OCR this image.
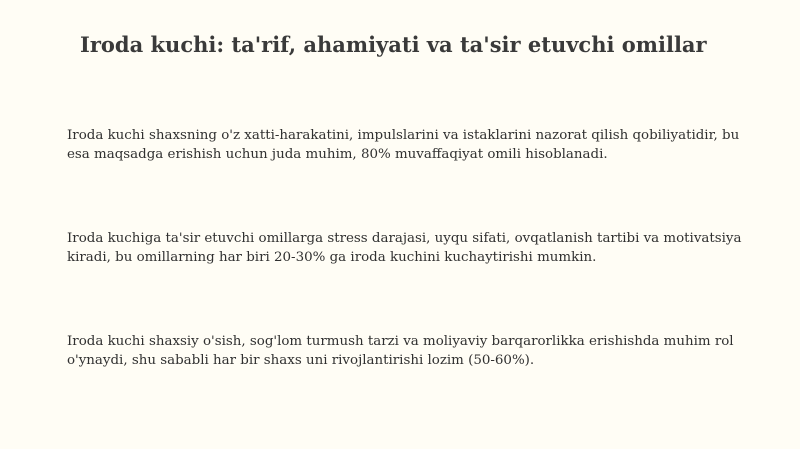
Iroda kuchi: ta'rif, ahamiyati va ta'sir etuvchi omillar

Iroda kuchi shaxsning o'z xatti-harakatini, impulslarini va istaklarini nazorat qilish qobiliyatidir, bu esa maqsadga erishish uchun juda muhim, 80% muvaffaqiyat omili hisoblanadi.

Iroda kuchiga ta'sir etuvchi omillarga stress darajasi, uyqu sifati, ovqatlanish tartibi va motivatsiya kiradi, bu omillarning har biri 20-30% ga iroda kuchini kuchaytirishi mumkin.

Iroda kuchi shaxsiy o'sish, sog'lom turmush tarzi va moliyaviy barqarorlikka erishishda muhim rol o'ynaydi, shu sababli har bir shaxs uni rivojlantirishi lozim (50-60%).
